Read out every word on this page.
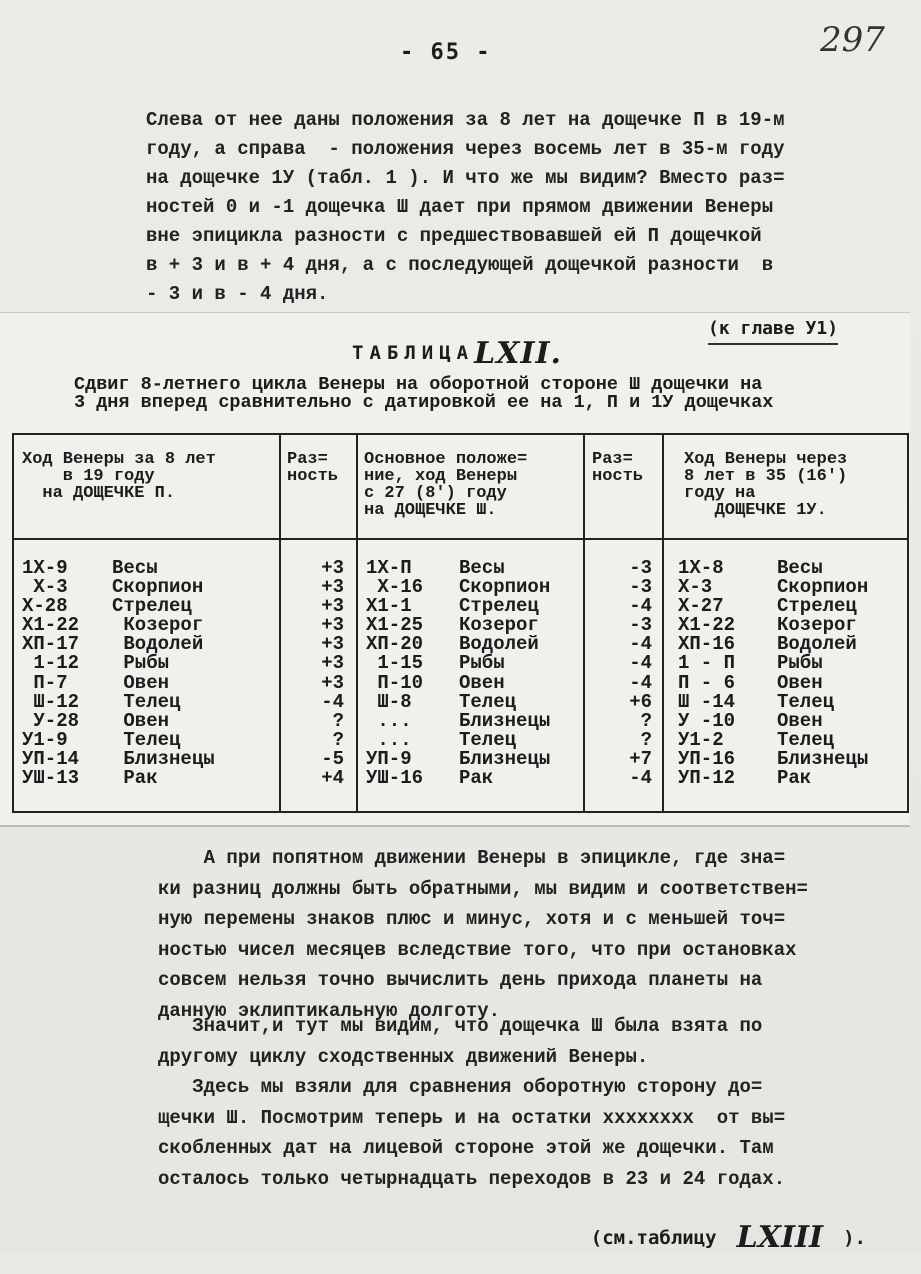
- 65 -	297
Слева от нее даны положения за 8 лет на дощечке П в 19-м
году, а справа  - положения через восемь лет в 35-м году
на дощечке 1У (табл. 1 ). И что же мы видим? Вместо раз=
ностей 0 и -1 дощечка Ш дает при прямом движении Венеры
вне эпицикла разности с предшествовавшей ей П дощечкой
в + 3 и в + 4 дня, а с последующей дощечкой разности  в
- 3 и в - 4 дня.
ТАБЛИЦАLXII.
(к главе У1)
Сдвиг 8-летнего цикла Венеры на оборотной стороне Ш дощечки на
3 дня вперед сравнительно с датировкой ее на 1, П и 1У дощечках
Ход Венеры за 8 лет
в 19 году
на ДОЩЕЧКЕ П.
Раз=
ность
Основное положе=
ние, ход Венеры
с 27 (8') году
на ДОЩЕЧКЕ Ш.
Раз=
ность
Ход Венеры через
8 лет в 35 (16')
году на
ДОЩЕЧКЕ 1У.
1Х-9
Х-3
Х-28
Х1-22
ХП-17
1-12
П-7
Ш-12
У-28
У1-9
УП-14
УШ-13
Весы
Скорпион
Стрелец
Козерог
Водолей
Рыбы
Овен
Телец
Овен
Телец
Близнецы
Рак
+3
+3
+3
+3
+3
+3
+3
-4
?
?
-5
+4
1Х-П
Х-16
Х1-1
Х1-25
ХП-20
1-15
П-10
Ш-8
...
...
УП-9
УШ-16
Весы
Скорпион
Стрелец
Козерог
Водолей
Рыбы
Овен
Телец
Близнецы
Телец
Близнецы
Рак
-3
-3
-4
-3
-4
-4
-4
+6
?
?
+7
-4
1Х-8
Х-3
Х-27
Х1-22
ХП-16
1 - П
П - 6
Ш -14
У -10
У1-2
УП-16
УП-12
Весы
Скорпион
Стрелец
Козерог
Водолей
Рыбы
Овен
Телец
Овен
Телец
Близнецы
Рак
А при попятном движении Венеры в эпицикле, где зна=
ки разниц должны быть обратными, мы видим и соответствен=
ную перемены знаков плюс и минус, хотя и с меньшей точ=
ностью чисел месяцев вследствие того, что при остановках
совсем нельзя точно вычислить день прихода планеты на
данную эклиптикальную долготу.
Значит,и тут мы видим, что дощечка Ш была взята по
другому циклу сходственных движений Венеры.
Здесь мы взяли для сравнения оборотную сторону до=
щечки Ш. Посмотрим теперь и на остатки хххххххх  от вы=
скобленных дат на лицевой стороне этой же дощечки. Там
осталось только четырнадцать переходов в 23 и 24 годах.

(см.таблицу LXIII ).
